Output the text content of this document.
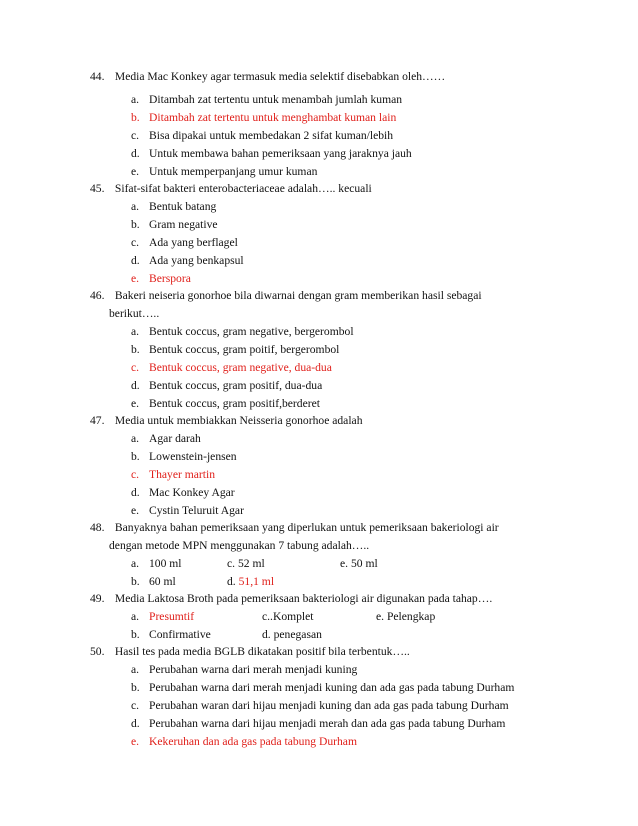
44. Media Mac Konkey agar termasuk media selektif disebabkan oleh……
a. Ditambah zat tertentu untuk menambah jumlah kuman
b. Ditambah zat tertentu untuk menghambat kuman lain
c. Bisa dipakai untuk membedakan 2 sifat kuman/lebih
d. Untuk membawa bahan pemeriksaan yang jaraknya jauh
e. Untuk memperpanjang umur kuman
45. Sifat-sifat bakteri enterobacteriaceae adalah….. kecuali
a. Bentuk batang
b. Gram negative
c. Ada yang berflagel
d. Ada yang benkapsul
e. Berspora
46. Bakeri neiseria gonorhoe bila diwarnai dengan gram memberikan hasil sebagai
berikut…..
a. Bentuk coccus, gram negative, bergerombol
b. Bentuk coccus, gram poitif, bergerombol
c. Bentuk coccus, gram negative, dua-dua
d. Bentuk coccus, gram positif, dua-dua
e. Bentuk coccus, gram positif,berderet
47. Media untuk membiakkan Neisseria gonorhoe adalah
a. Agar darah
b. Lowenstein-jensen
c. Thayer martin
d. Mac Konkey Agar
e. Cystin Teluruit Agar
48. Banyaknya bahan pemeriksaan yang diperlukan untuk pemeriksaan bakeriologi air
dengan metode MPN menggunakan 7 tabung adalah…..
a. 100 ml	c. 52 ml	e. 50 ml
b. 60 ml	d. 51,1 ml
49. Media Laktosa Broth pada pemeriksaan bakteriologi air digunakan pada tahap….
a. Presumtif	c..Komplet	e. Pelengkap
b. Confirmative	d. penegasan
50. Hasil tes pada media BGLB dikatakan positif bila terbentuk…..
a. Perubahan warna dari merah menjadi kuning
b. Perubahan warna dari merah menjadi kuning dan ada gas pada tabung Durham
c. Perubahan waran dari hijau menjadi kuning dan ada gas pada tabung Durham
d. Perubahan warna dari hijau menjadi merah dan ada gas pada tabung Durham
e. Kekeruhan dan ada gas pada tabung Durham
